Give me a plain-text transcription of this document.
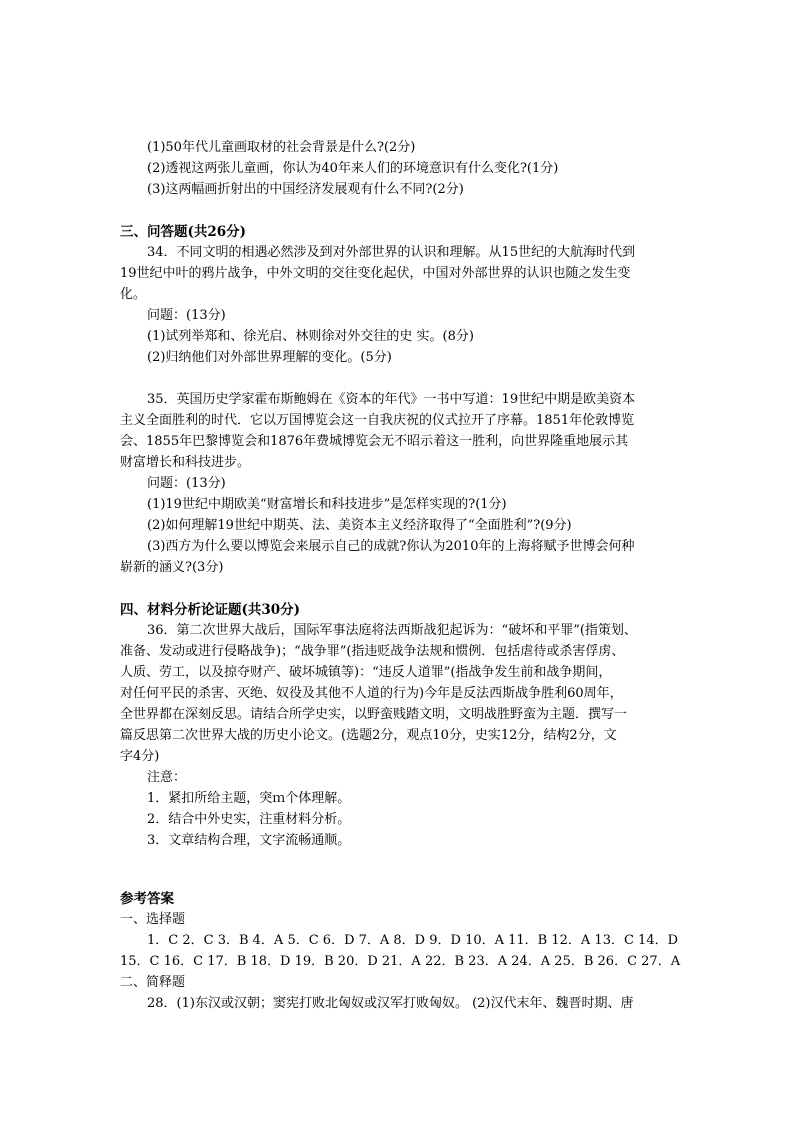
(1)50年代儿童画取材的社会背景是什么?(2分)
(2)透视这两张儿童画，你认为40年来人们的环境意识有什么变化?(1分)
(3)这两幅画折射出的中国经济发展观有什么不同?(2分)
三、问答题(共26分)
34．不同文明的相遇必然涉及到对外部世界的认识和理解。从15世纪的大航海时代到
19世纪中叶的鸦片战争，中外文明的交往变化起伏，中国对外部世界的认识也随之发生变
化。
问题：(13分)
(1)试列举郑和、徐光启、林则徐对外交往的史 实。(8分)
(2)归纳他们对外部世界理解的变化。(5分)
35．英国历史学家霍布斯鲍姆在《资本的年代》一书中写道：19世纪中期是欧美资本
主义全面胜利的时代．它以万国博览会这一自我庆祝的仪式拉开了序幕。1851年伦敦博览
会、1855年巴黎博览会和1876年费城博览会无不昭示着这一胜利，向世界隆重地展示其
财富增长和科技进步。
问题：(13分)
(1)19世纪中期欧美“财富增长和科技进步”是怎样实现的?(1分)
(2)如何理解19世纪中期英、法、美资本主义经济取得了“全面胜利”?(9分)
(3)西方为什么要以博览会来展示自己的成就?你认为2010年的上海将赋予世博会何种
崭新的涵义?(3分)
四、材料分析论证题(共30分)
36．第二次世界大战后，国际军事法庭将法西斯战犯起诉为：“破坏和平罪”(指策划、
准备、发动或进行侵略战争)；“战争罪”(指违贬战争法规和惯例．包括虐待或杀害俘虏、
人质、劳工，以及掠夺财产、破坏城镇等)：“违反人道罪”(指战争发生前和战争期间，
对任何平民的杀害、灭绝、奴役及其他不人道的行为)今年是反法西斯战争胜利60周年，
全世界都在深刻反思。请结合所学史实，以野蛮贱踏文明，文明战胜野蛮为主题．撰写一
篇反思第二次世界大战的历史小论文。(选题2分，观点10分，史实12分，结构2分，文
字4分)
注意：
1．紧扣所给主题，突ｍ个体理解。
2．结合中外史实，注重材料分析。
3．文章结构合理，文字流畅通顺。
参考答案
一、选择题
1．C 2．C 3．B 4．A 5．C 6．D 7．A 8．D 9．D 10．A 11．B 12．A 13．C 14．D
15．C 16．C 17．B 18．D 19．B 20．D 21．A 22．B 23．A 24．A 25．B 26．C 27．A
二、简释题
28．(1)东汉或汉朝；窦宪打败北匈奴或汉军打败匈奴。 (2)汉代末年、魏晋时期、唐
